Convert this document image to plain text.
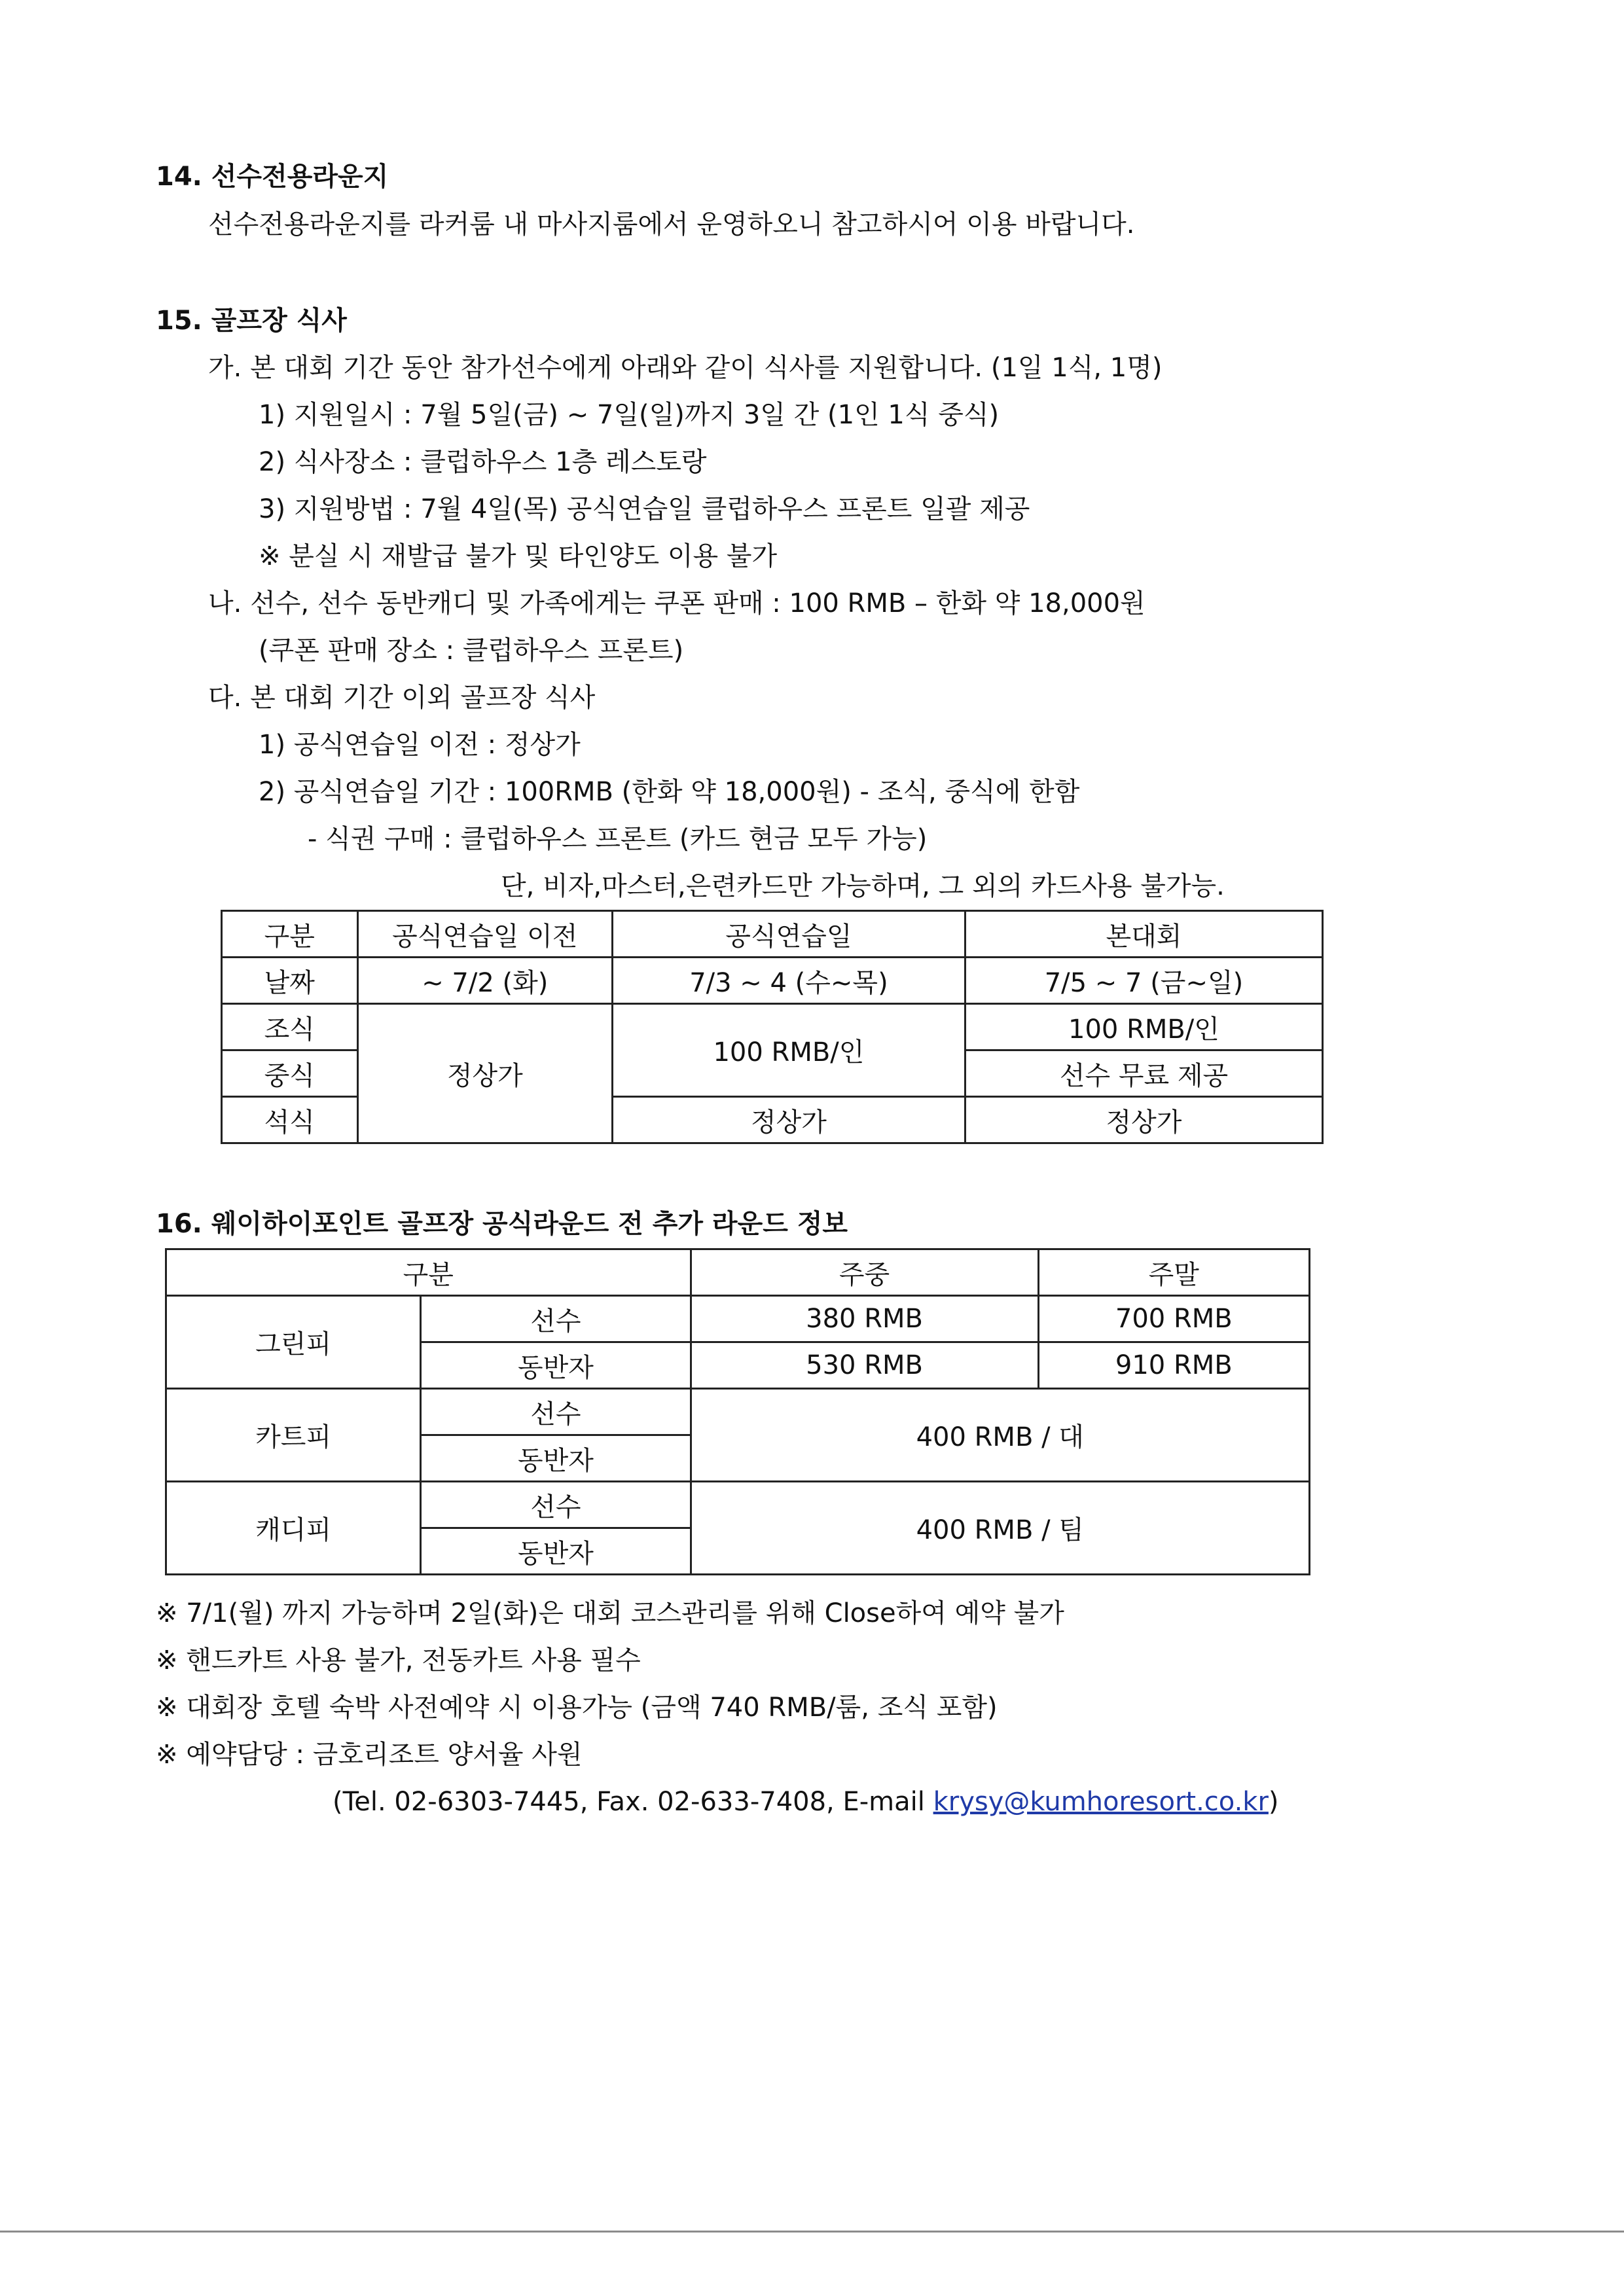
14. 선수전용라운지
선수전용라운지를 라커룸 내 마사지룸에서 운영하오니 참고하시어 이용 바랍니다.
15. 골프장 식사
가. 본 대회 기간 동안 참가선수에게 아래와 같이 식사를 지원합니다. (1일 1식, 1명)
1) 지원일시 : 7월 5일(금) ~ 7일(일)까지 3일 간 (1인 1식 중식)
2) 식사장소 : 클럽하우스 1층 레스토랑
3) 지원방법 : 7월 4일(목) 공식연습일 클럽하우스 프론트 일괄 제공
※ 분실 시 재발급 불가 및 타인양도 이용 불가
나. 선수, 선수 동반캐디 및 가족에게는 쿠폰 판매 : 100 RMB – 한화 약 18,000원
(쿠폰 판매 장소 : 클럽하우스 프론트)
다. 본 대회 기간 이외 골프장 식사
1) 공식연습일 이전 : 정상가
2) 공식연습일 기간 : 100RMB (한화 약 18,000원) - 조식, 중식에 한함
- 식권 구매 : 클럽하우스 프론트 (카드 현금 모두 가능)
단, 비자,마스터,은련카드만 가능하며, 그 외의 카드사용 불가능.
구분	공식연습일 이전	공식연습일	본대회
날짜	~ 7/2 (화)	7/3 ~ 4 (수~목)	7/5 ~ 7 (금~일)
조식	정상가	100 RMB/인	100 RMB/인
중식			선수 무료 제공
석식		정상가	정상가
16. 웨이하이포인트 골프장 공식라운드 전 추가 라운드 정보
구분		주중	주말
그린피	선수	380 RMB	700 RMB
	동반자	530 RMB	910 RMB
카트피	선수	400 RMB / 대	
	동반자		
캐디피	선수	400 RMB / 팀	
	동반자		
※ 7/1(월) 까지 가능하며 2일(화)은 대회 코스관리를 위해 Close하여 예약 불가
※ 핸드카트 사용 불가, 전동카트 사용 필수
※ 대회장 호텔 숙박 사전예약 시 이용가능 (금액 740 RMB/룸, 조식 포함)
※ 예약담당 : 금호리조트 양서율 사원
(Tel. 02-6303-7445, Fax. 02-633-7408, E-mail krysy@kumhoresort.co.kr)
